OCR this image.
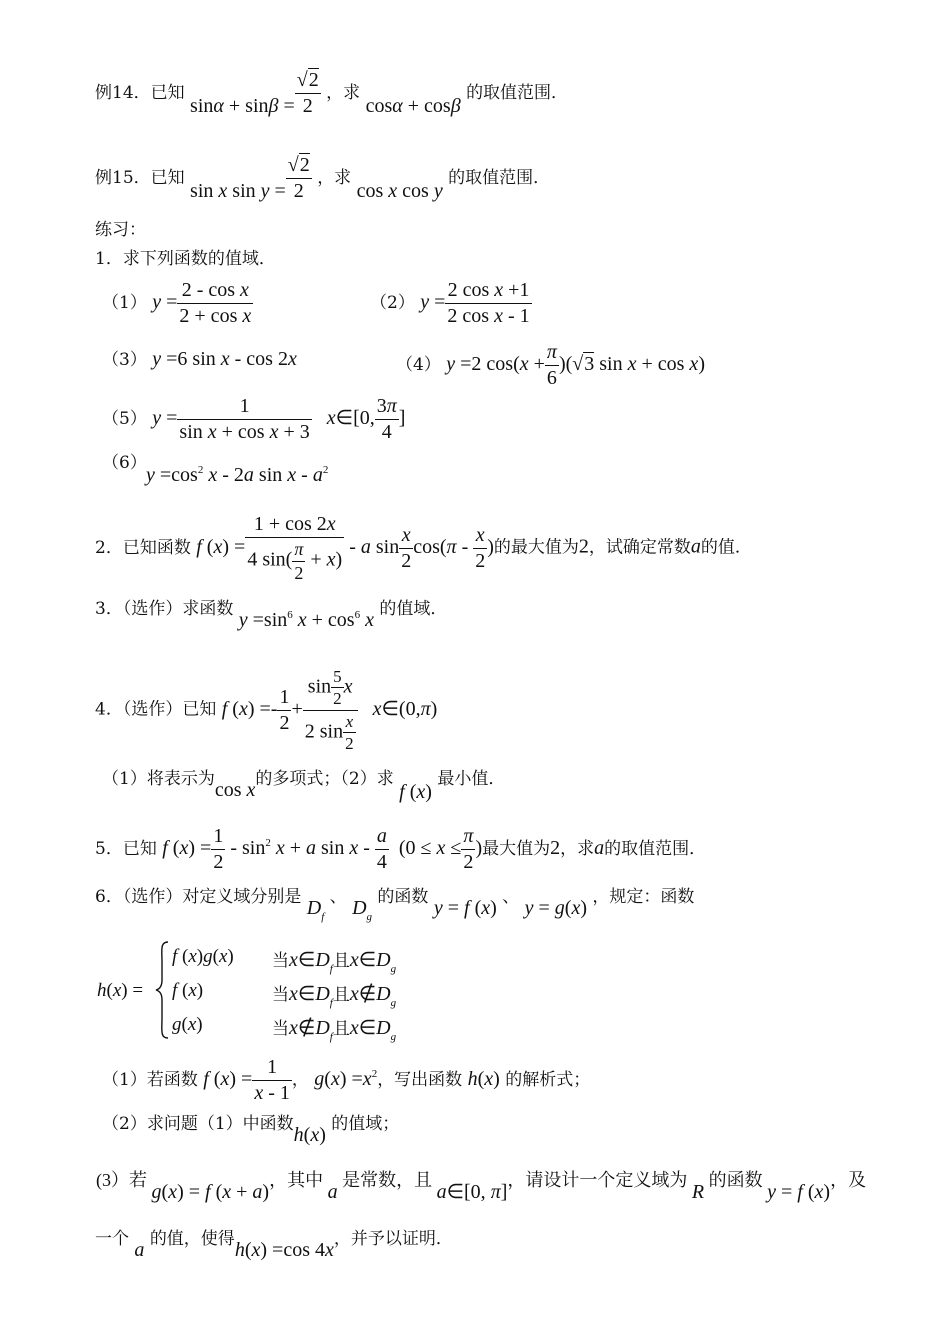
例14．已知 $\sin\alpha + \sin\beta = \frac{√2}{2}$ ，求 cosα + cosβ 的取值范围．
例15．已知 sin x $\sin y = \frac{√2}{2}$ ，求 cos x cos y 的取值范围．
练习：
1．求下列函数的值域．
（1） $y = \frac{\text{2 - cos x}}{\text{2 + cos x}}$	（2） $y = \frac{\text{2 cos x +1}}{\text{2 cos x - 1}}$
（3） y =6 sin x - cos 2x	（4） y =2 $\cos(x + \frac{\pi}{6} )(√3$ sin x + cos x)
（5） $y = \frac{1}{\text{sin x + cos x + 3}}$ x∈[0, $\frac{3\pi}{4}$ ]
（6）
$y =\cos^2$ x - 2a sin x - $a^2$
2．已知函数 f $(x) = \frac{1 + \cos 2x}{4 \sin( \frac{\pi}{2} + x)} - a$ $\sin \frac{x}{2} \cos(\pi - \frac{x}{2}$ )的最大值为2，试确定常数a的值．
3．（选作）求函数 $y =\sin^6$ $x + \cos^6 x$ 的值域．
4．（选作）已知 f $(x) =- \frac{1}{2} + \frac{\sin \frac{5}{2} x}{2 \sin \frac{x}{2}}$ x∈(0,π)
（1）将表示为cos x的多项式；（2）求 f (x) 最小值．
5．已知 f $(x) = \frac{1}{2} - \sin^2 x + a$ $\sin x - \frac{a}{4} (0 \le x \le \frac{\pi}{2}$ )最大值为2，求a的取值范围．
6．（选作）对定义域分别是 $D_f$ 、 $D_g$ 的函数 y = f (x) 、 y = g(x) ，规定：函数
h(x) =
f (x)g(x) 当$x\in D_f$且$x\in D_g$
f (x)	当$x\in D_f$且$x\notin D_g$
g(x)	当$x\notin D_f$且$x\in D_g$
（1）若函数 f $(x) = \frac{1}{x - 1}$ ， $g(x) =x^2$，写出函数 h(x) 的解析式；
（2）求问题（1）中函数h(x) 的值域；
(3）若 g(x) = f (x + a)，其中 a 是常数，且 a∈[0, π]，请设计一个定义域为 R 的函数 y = f (x)，及
一个 a 的值，使得h(x) =cos 4x，并予以证明．
